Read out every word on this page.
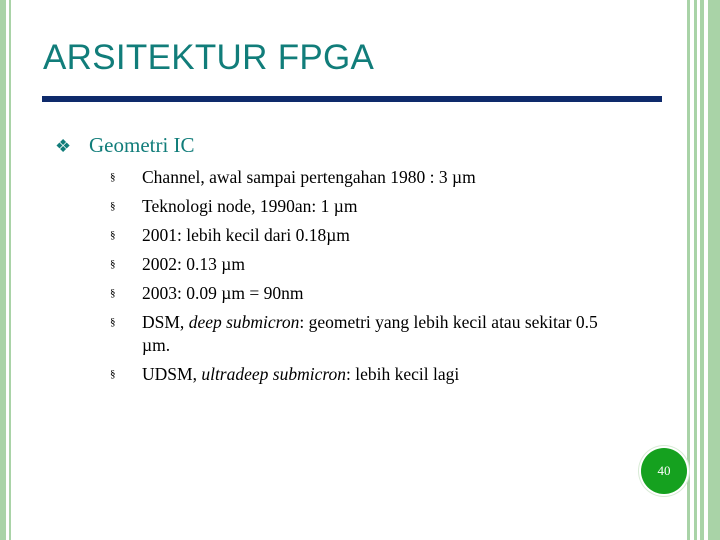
ARSITEKTUR FPGA
❖ Geometri IC
§ Channel, awal sampai pertengahan 1980 : 3 µm
§ Teknologi node, 1990an: 1 µm
§ 2001: lebih kecil dari 0.18µm
§ 2002: 0.13 µm
§ 2003: 0.09 µm = 90nm
§ DSM, deep submicron: geometri yang lebih kecil atau sekitar 0.5 µm.
§ UDSM, ultradeep submicron: lebih kecil lagi
40
